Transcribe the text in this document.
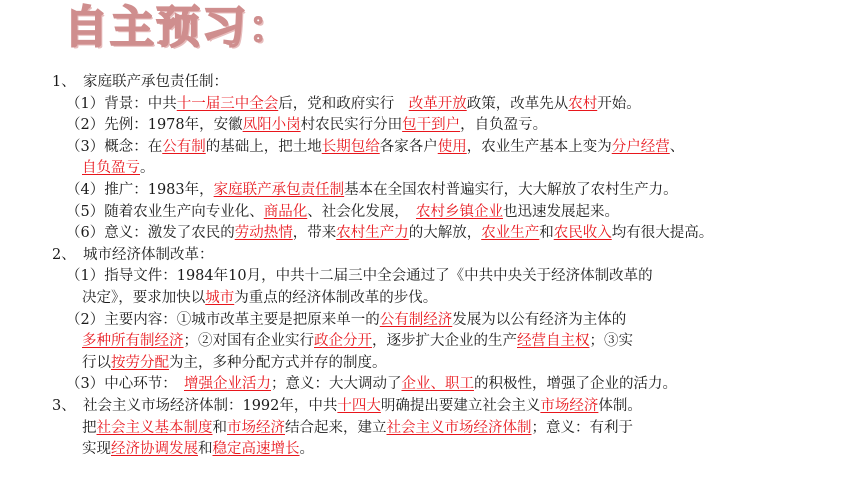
自主预习：
1、　家庭联产承包责任制：
（1）背景：中共十一届三中全会后，党和政府实行　改革开放政策，改革先从农村开始。
（2）先例：1978年，安徽凤阳小岗村农民实行分田包干到户，自负盈亏。
（3）概念：在公有制的基础上，把土地长期包给各家各户使用，农业生产基本上变为分户经营、
自负盈亏。
（4）推广：1983年，家庭联产承包责任制基本在全国农村普遍实行，大大解放了农村生产力。
（5）随着农业生产向专业化、商品化、社会化发展，　农村乡镇企业也迅速发展起来。
（6）意义：激发了农民的劳动热情，带来农村生产力的大解放，农业生产和农民收入均有很大提高。
2、　城市经济体制改革：
（1）指导文件：1984年10月，中共十二届三中全会通过了《中共中央关于经济体制改革的
决定》，要求加快以城市为重点的经济体制改革的步伐。
（2）主要内容：①城市改革主要是把原来单一的公有制经济发展为以公有经济为主体的
多种所有制经济；②对国有企业实行政企分开，逐步扩大企业的生产经营自主权；③实
行以按劳分配为主，多种分配方式并存的制度。
（3）中心环节：　增强企业活力；意义：大大调动了企业、职工的积极性，增强了企业的活力。
3、　社会主义市场经济体制：1992年，中共十四大明确提出要建立社会主义市场经济体制。
把社会主义基本制度和市场经济结合起来，建立社会主义市场经济体制；意义：有利于
实现经济协调发展和稳定高速增长。
